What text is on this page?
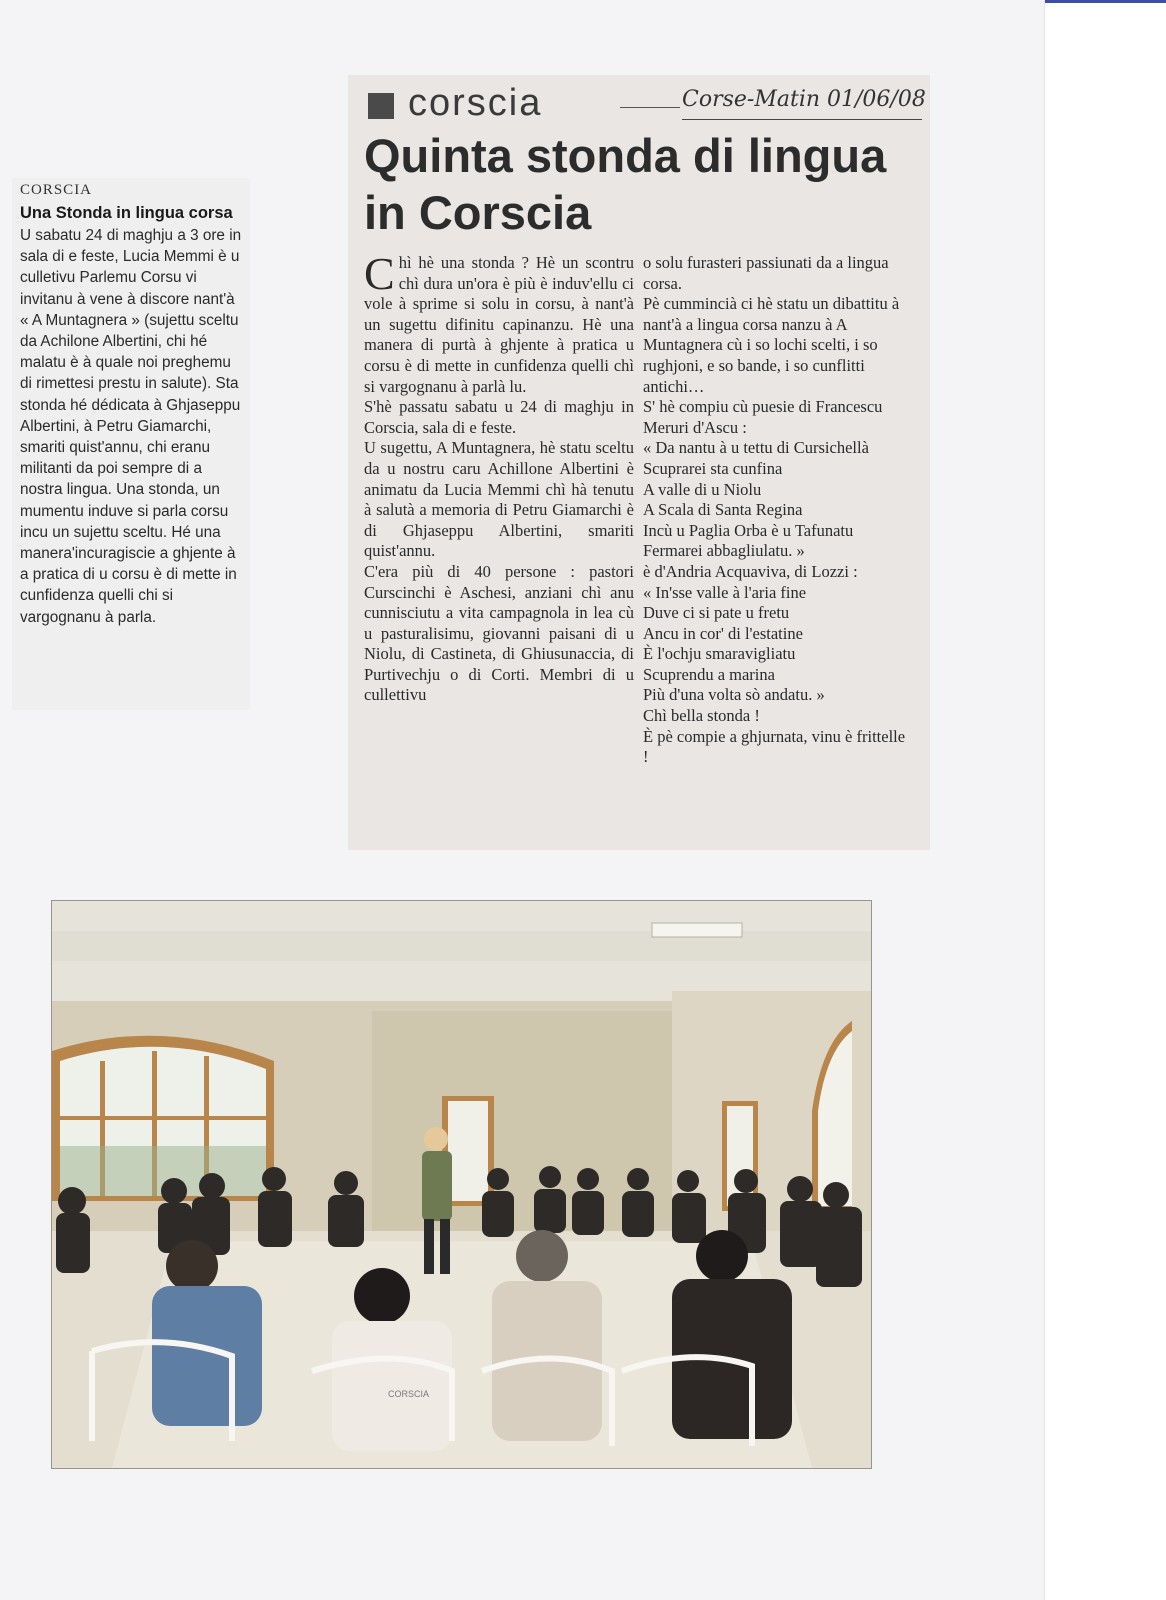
CORSCIA
Una Stonda in lingua corsa

U sabatu 24 di maghju a 3 ore in sala di e feste, Lucia Memmi è u culletivu Parlemu Corsu vi invitanu à vene à discore nant'à « A Muntagnera » (sujettu sceltu da Achilone Albertini, chi hé malatu è à quale noi preghemu di rimettesi prestu in salute). Sta stonda hé dédicata à Ghjaseppu Albertini, à Petru Giamarchi, smariti quist'annu, chi eranu militanti da poi sempre di a nostra lingua. Una stonda, un mumentu induve si parla corsu incu un sujettu sceltu. Hé una manera'incuragiscie a ghjente à a pratica di u corsu è di mette in cunfidenza quelli chi si vargognanu à parla.

corscia	Corse-Matin 01/06/08
Quinta stonda di lingua in Corscia
C hì hè una stonda ? Hè un scontru chì dura un'ora è più è induv'ellu ci vole à sprime si solu in corsu, à nant'à un sugettu difinitu capinanzu. Hè una manera di purtà à ghjente à pratica u corsu è di mette in cunfidenza quelli chì si vargognanu à parlà lu.

S'hè passatu sabatu u 24 di maghju in Corscia, sala di e feste.

U sugettu, A Muntagnera, hè statu sceltu da u nostru caru Achillone Albertini è animatu da Lucia Memmi chì hà tenutu à salutà a memoria di Petru Giamarchi è di Ghjaseppu Albertini, smariti quist'annu.

C'era più di 40 persone : pastori Curscinchi è Aschesi, anziani chì anu cunnisciutu a vita campagnola in lea cù u pasturalisimu, giovanni paisani di u Niolu, di Castineta, di Ghiusunaccia, di Purtivechju o di Corti. Membri di u cullettivu

o solu furasteri passiunati da a lingua corsa.

Pè cummincià ci hè statu un dibattitu à nant'à a lingua corsa nanzu à A Muntagnera cù i so lochi scelti, i so rughjoni, e so bande, i so cunflitti antichi…

S' hè compiu cù puesie di Francescu Meruri d'Ascu :

« Da nantu à u tettu di Cursichellà

Scuprarei sta cunfina

A valle di u Niolu

A Scala di Santa Regina

Incù u Paglia Orba è u Tafunatu

Fermarei abbagliulatu. »

è d'Andria Acquaviva, di Lozzi :

« In'sse valle à l'aria fine

Duve ci si pate u fretu

Ancu in cor' di l'estatine

È l'ochju smaravigliatu

Scuprendu a marina

Più d'una volta sò andatu. »

Chì bella stonda !

È pè compie a ghjurnata, vinu è frittelle !

CORSCIA
